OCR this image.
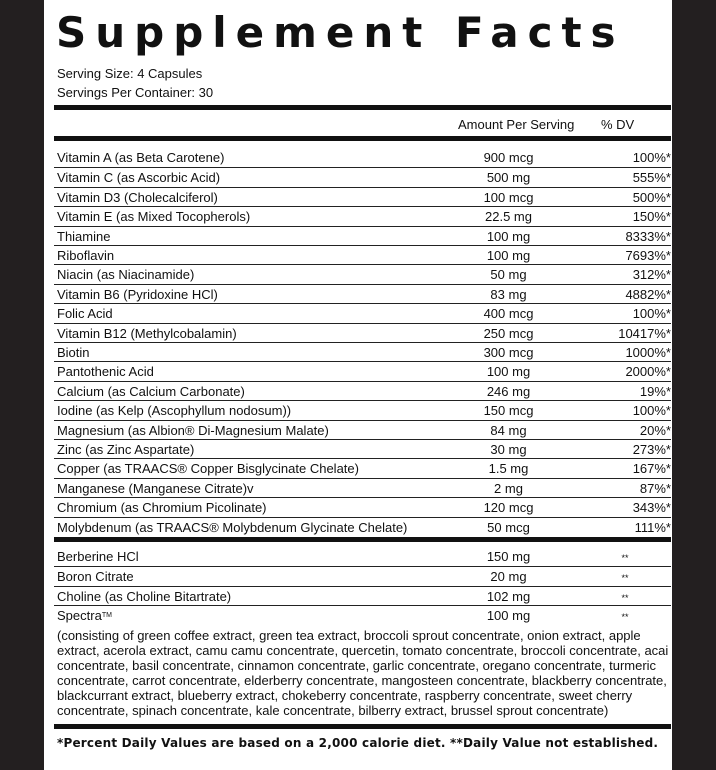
Supplement Facts
Serving Size: 4 Capsules
Servings Per Container: 30
Amount Per Serving % DV
Vitamin A (as Beta Carotene)	900 mcg	100%*
Vitamin C (as Ascorbic Acid)	500 mg	555%*
Vitamin D3 (Cholecalciferol)	100 mcg	500%*
Vitamin E (as Mixed Tocopherols)	22.5 mg	150%*
Thiamine	100 mg	8333%*
Riboflavin	100 mg	7693%*
Niacin (as Niacinamide)	50 mg	312%*
Vitamin B6 (Pyridoxine HCl)	83 mg	4882%*
Folic Acid	400 mcg	100%*
Vitamin B12 (Methylcobalamin)	250 mcg	10417%*
Biotin	300 mcg	1000%*
Pantothenic Acid	100 mg	2000%*
Calcium (as Calcium Carbonate)	246 mg	19%*
Iodine (as Kelp (Ascophyllum nodosum))	150 mcg	100%*
Magnesium (as Albion® Di-Magnesium Malate)	84 mg	20%*
Zinc (as Zinc Aspartate)	30 mg	273%*
Copper (as TRAACS® Copper Bisglycinate Chelate)	1.5 mg	167%*
Manganese (Manganese Citrate)v	2 mg	87%*
Chromium (as Chromium Picolinate)	120 mcg	343%*
Molybdenum (as TRAACS® Molybdenum Glycinate Chelate)	50 mcg	111%*
Berberine HCl	150 mg	**
Boron Citrate	20 mg	**
Choline (as Choline Bitartrate)	102 mg	**
Spectra™	100 mg	**
(consisting of green coffee extract, green tea extract, broccoli sprout concentrate, onion extract, apple
extract, acerola extract, camu camu concentrate, quercetin, tomato concentrate, broccoli concentrate, acai
concentrate, basil concentrate, cinnamon concentrate, garlic concentrate, oregano concentrate, turmeric
concentrate, carrot concentrate, elderberry concentrate, mangosteen concentrate, blackberry concentrate,
blackcurrant extract, blueberry extract, chokeberry concentrate, raspberry concentrate, sweet cherry
concentrate, spinach concentrate, kale concentrate, bilberry extract, brussel sprout concentrate)
*Percent Daily Values are based on a 2,000 calorie diet. **Daily Value not established.
